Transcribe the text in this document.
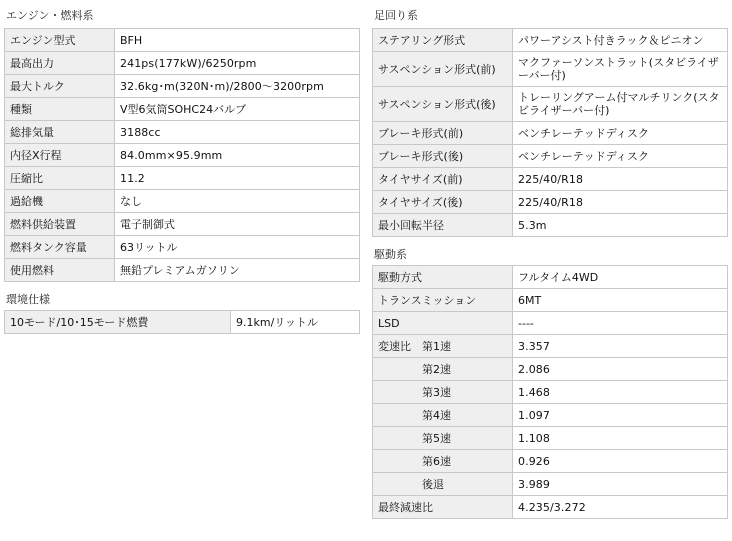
エンジン・燃料系
エンジン型式	BFH
最高出力	241ps(177kW)/6250rpm
最大トルク	32.6kg･m(320N･m)/2800～3200rpm
種類	V型6気筒SOHC24バルブ
総排気量	3188cc
内径X行程	84.0mm×95.9mm
圧縮比	11.2
過給機	なし
燃料供給装置	電子制御式
燃料タンク容量	63リットル
使用燃料	無鉛プレミアムガソリン
環境仕様
10モード/10･15モード燃費	9.1km/リットル
足回り系
ステアリング形式	パワーアシスト付きラック＆ピニオン
サスペンション形式(前)	マクファーソンストラット(スタビライザーバー付)
サスペンション形式(後)	トレーリングアーム付マルチリンク(スタビライザーバー付)
ブレーキ形式(前)	ベンチレーテッドディスク
ブレーキ形式(後)	ベンチレーテッドディスク
タイヤサイズ(前)	225/40/R18
タイヤサイズ(後)	225/40/R18
最小回転半径	5.3m
駆動系
駆動方式	フルタイム4WD
トランスミッション	6MT
LSD	----
変速比　第1速	3.357
第2速	2.086
第3速	1.468
第4速	1.097
第5速	1.108
第6速	0.926
後退	3.989
最終減速比	4.235/3.272
